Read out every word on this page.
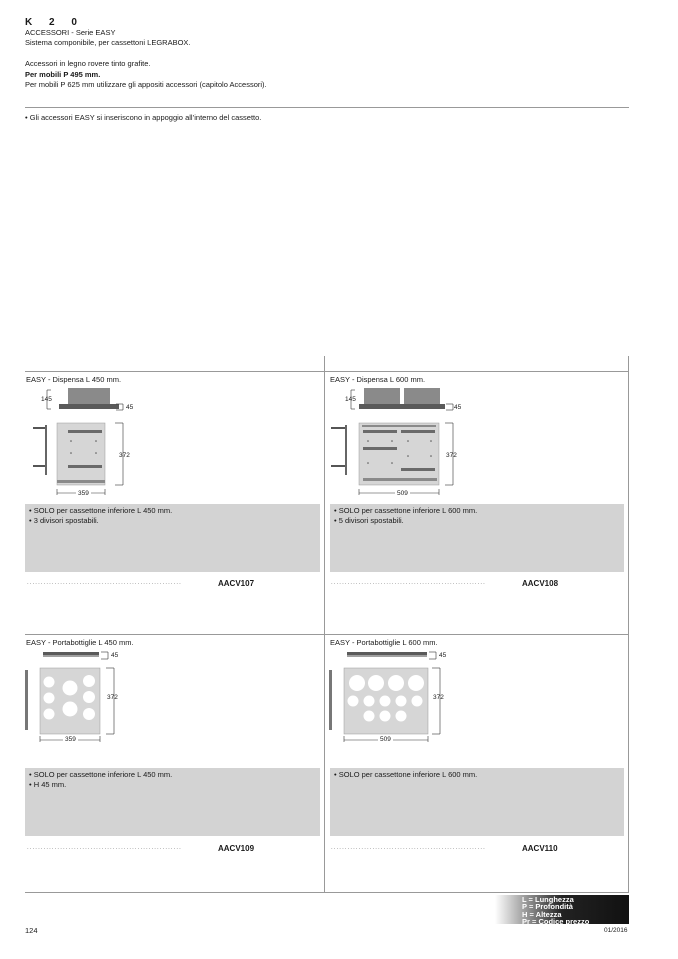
K 2 0
ACCESSORI - Serie EASY
Sistema componibile, per cassettoni LEGRABOX.
Accessori in legno rovere tinto grafite.
Per mobili P 495 mm.
Per mobili P 625 mm utilizzare gli appositi accessori (capitolo Accessori).
• Gli accessori EASY si inseriscono in appoggio all’interno del cassetto.
EASY - Dispensa L 450 mm.
145
45
372
359
• SOLO per cassettone inferiore L 450 mm.
• 3 divisori spostabili.
........................................................	AACV107
EASY - Dispensa L 600 mm.
145
45
372
509
• SOLO per cassettone inferiore L 600 mm.
• 5 divisori spostabili.
........................................................	AACV108
EASY - Portabottiglie L 450 mm.
45
372
359
• SOLO per cassettone inferiore L 450 mm.
• H 45 mm.
........................................................	AACV109
EASY - Portabottiglie L 600 mm.
45
372
509
• SOLO per cassettone inferiore L 600 mm.
........................................................	AACV110
L = Lunghezza
P = Profondità
H = Altezza
Pr = Codice prezzo
124	01/2016
